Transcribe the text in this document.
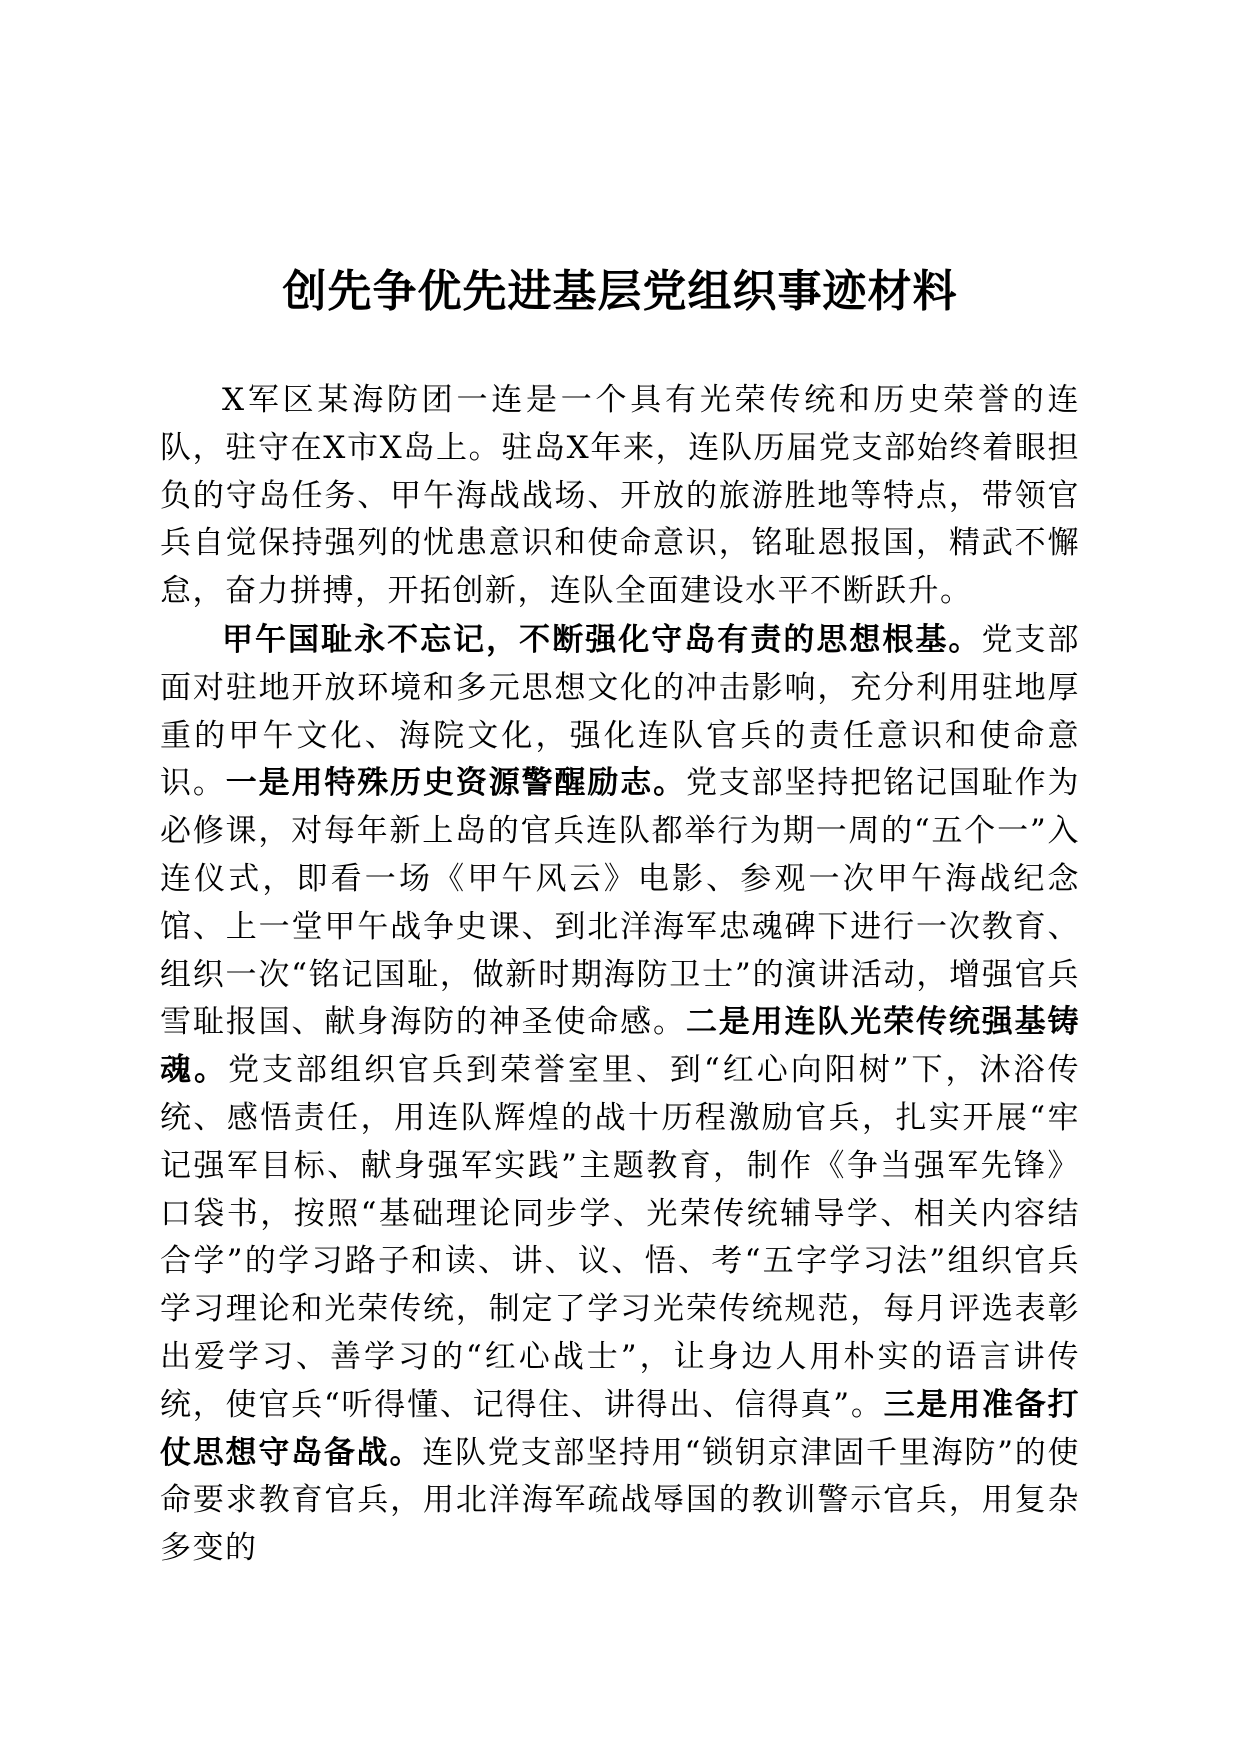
创先争优先进基层党组织事迹材料

X军区某海防团一连是一个具有光荣传统和历史荣誉的连队，驻守在X市X岛上。驻岛X年来，连队历届党支部始终着眼担负的守岛任务、甲午海战战场、开放的旅游胜地等特点，带领官兵自觉保持强列的忧患意识和使命意识，铭耻恩报国，精武不懈怠，奋力拼搏，开拓创新，连队全面建设水平不断跃升。

甲午国耻永不忘记，不断强化守岛有责的思想根基。党支部面对驻地开放环境和多元思想文化的冲击影响，充分利用驻地厚重的甲午文化、海院文化，强化连队官兵的责任意识和使命意识。一是用特殊历史资源警醒励志。党支部坚持把铭记国耻作为必修课，对每年新上岛的官兵连队都举行为期一周的“五个一”入连仪式，即看一场《甲午风云》电影、参观一次甲午海战纪念馆、上一堂甲午战争史课、到北洋海军忠魂碑下进行一次教育、组织一次“铭记国耻，做新时期海防卫士”的演讲活动，增强官兵雪耻报国、献身海防的神圣使命感。二是用连队光荣传统强基铸魂。党支部组织官兵到荣誉室里、到“红心向阳树”下，沐浴传统、感悟责任，用连队辉煌的战十历程激励官兵，扎实开展“牢记强军目标、献身强军实践”主题教育，制作《争当强军先锋》口袋书，按照“基础理论同步学、光荣传统辅导学、相关内容结合学”的学习路子和读、讲、议、悟、考“五字学习法”组织官兵学习理论和光荣传统，制定了学习光荣传统规范，每月评选表彰出爱学习、善学习的“红心战士”，让身边人用朴实的语言讲传统，使官兵“听得懂、记得住、讲得出、信得真”。三是用准备打仗思想守岛备战。连队党支部坚持用“锁钥京津固千里海防”的使命要求教育官兵，用北洋海军疏战辱国的教训警示官兵，用复杂多变的
